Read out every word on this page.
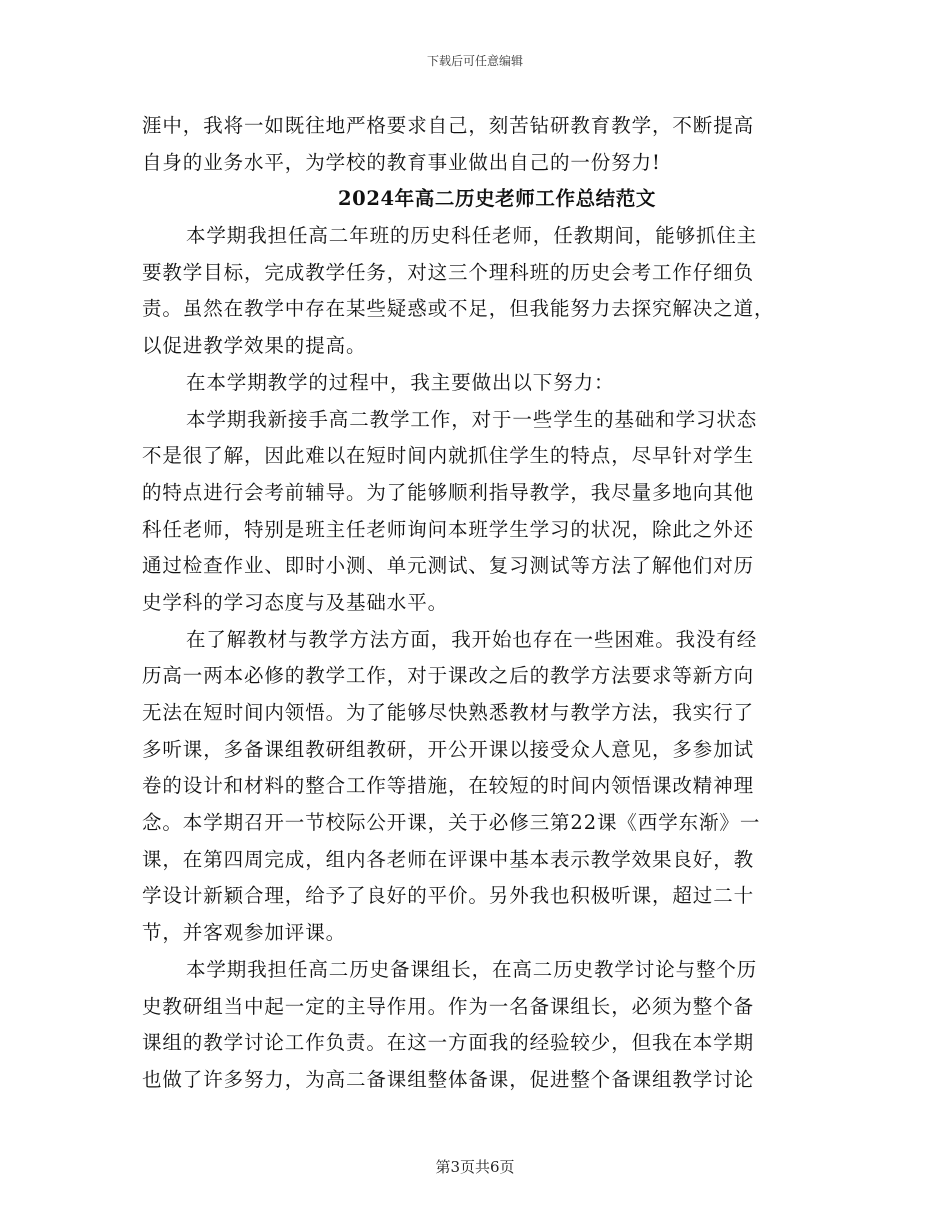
下载后可任意编辑
涯中，我将一如既往地严格要求自己，刻苦钻研教育教学，不断提高
自身的业务水平，为学校的教育事业做出自己的一份努力!
2024年高二历史老师工作总结范文
本学期我担任高二年班的历史科任老师，任教期间，能够抓住主
要教学目标，完成教学任务，对这三个理科班的历史会考工作仔细负
责。虽然在教学中存在某些疑惑或不足，但我能努力去探究解决之道，
以促进教学效果的提高。
在本学期教学的过程中，我主要做出以下努力：
本学期我新接手高二教学工作，对于一些学生的基础和学习状态
不是很了解，因此难以在短时间内就抓住学生的特点，尽早针对学生
的特点进行会考前辅导。为了能够顺利指导教学，我尽量多地向其他
科任老师，特别是班主任老师询问本班学生学习的状况，除此之外还
通过检查作业、即时小测、单元测试、复习测试等方法了解他们对历
史学科的学习态度与及基础水平。
在了解教材与教学方法方面，我开始也存在一些困难。我没有经
历高一两本必修的教学工作，对于课改之后的教学方法要求等新方向
无法在短时间内领悟。为了能够尽快熟悉教材与教学方法，我实行了
多听课，多备课组教研组教研，开公开课以接受众人意见，多参加试
卷的设计和材料的整合工作等措施，在较短的时间内领悟课改精神理
念。本学期召开一节校际公开课，关于必修三第22课《西学东渐》一
课，在第四周完成，组内各老师在评课中基本表示教学效果良好，教
学设计新颖合理，给予了良好的平价。另外我也积极听课，超过二十
节，并客观参加评课。
本学期我担任高二历史备课组长，在高二历史教学讨论与整个历
史教研组当中起一定的主导作用。作为一名备课组长，必须为整个备
课组的教学讨论工作负责。在这一方面我的经验较少，但我在本学期
也做了许多努力，为高二备课组整体备课，促进整个备课组教学讨论
第3页共6页
